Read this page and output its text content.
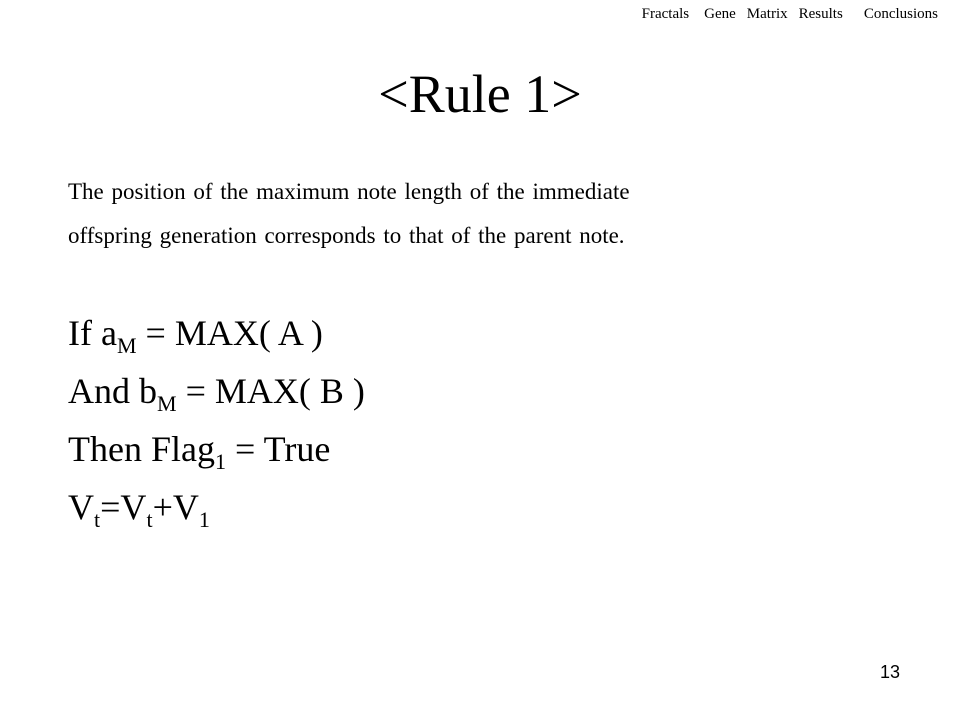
Fractals Gene Matrix Results Conclusions
<Rule 1>
The position of the maximum note length of the immediate
offspring generation corresponds to that of the parent note.
If $a_M = MAX$( A )
And $b_M = MAX$( B )
Then Flag$_1$ = True
$V_t=V_t+V_1$
13
